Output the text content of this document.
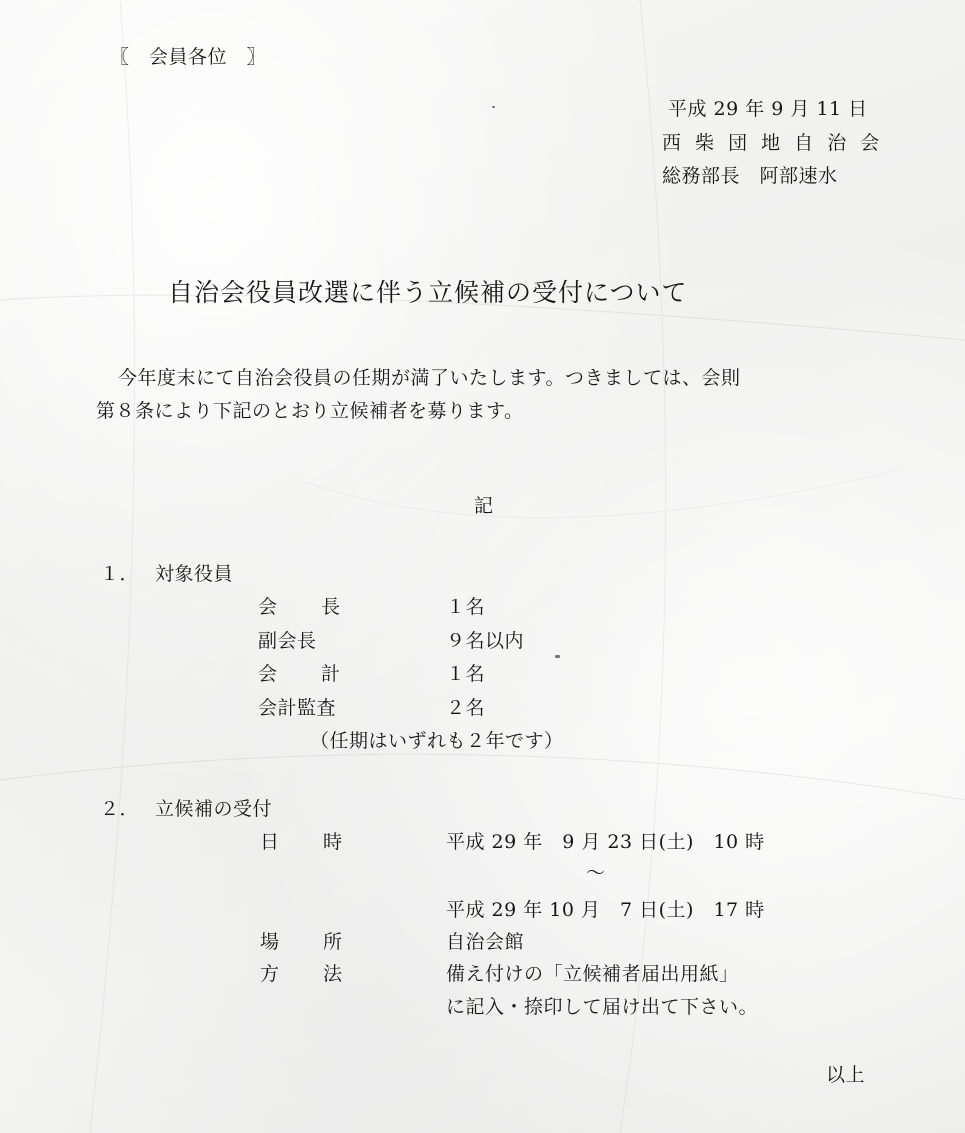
〖　会員各位　〗
平成 29 年 9 月 11 日
西 柴 団 地 自 治 会
総務部長　阿部速水
自治会役員改選に伴う立候補の受付について
今年度末にて自治会役員の任期が満了いたします。つきましては、会則
第８条により下記のとおり立候補者を募ります。
記
１． 対象役員
会長	１名
副会長	９名以内
会計	１名
会計監査	２名
（任期はいずれも２年です）
２． 立候補の受付
日時	平成 29 年　9 月 23 日(土)　10 時
～
平成 29 年 10 月　7 日(土)　17 時
場所	自治会館
方法	備え付けの「立候補者届出用紙」
に記入・捺印して届け出て下さい。
以上
